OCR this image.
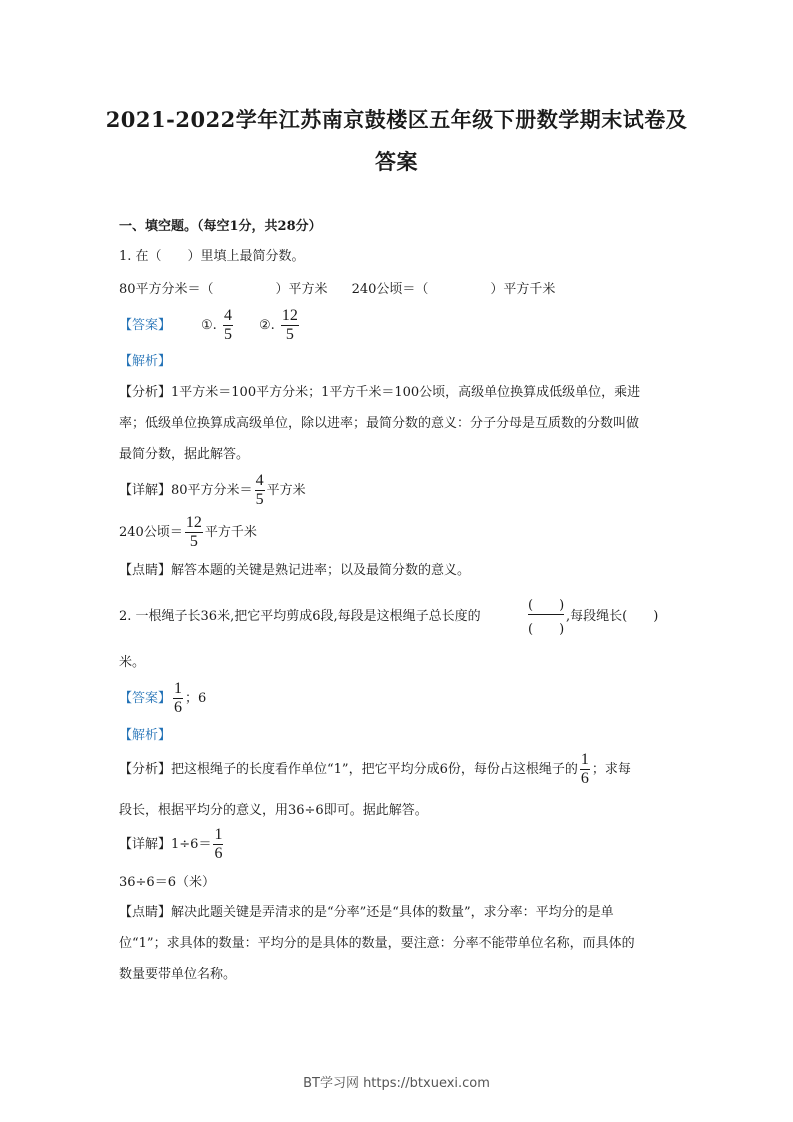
2021-2022学年江苏南京鼓楼区五年级下册数学期末试卷及
答案
一、填空题。（每空1分，共28分）
1. 在（　　）里填上最简分数。
80平方分米＝（	）平方米 240公顷＝（	）平方千米
【答案】 ①. $\frac{4}{5}$ ②. $\frac{12}{5}$
【解析】
【分析】1平方米＝100平方分米；1平方千米＝100公顷，高级单位换算成低级单位，乘进
率；低级单位换算成高级单位，除以进率；最简分数的意义：分子分母是互质数的分数叫做
最简分数，据此解答。
【详解】80平方分米＝ $\frac{4}{5}$ 平方米
240公顷＝ $\frac{12}{5}$ 平方千米
【点睛】解答本题的关键是熟记进率；以及最简分数的意义。
2. 一根绳子长36米,把它平均剪成6段,每段是这根绳子总长度的
(　　)
(　　)
,每段绳长(　　)
米。
【答案】 $\frac{1}{6}$ ；6
【解析】
【分析】把这根绳子的长度看作单位“1”，把它平均分成6份，每份占这根绳子的 $\frac{1}{6}$ ；求每
段长，根据平均分的意义，用36÷6即可。据此解答。
【详解】$1\div 6= \frac{1}{6}$
36÷6＝6（米）
【点睛】解决此题关键是弄清求的是“分率”还是“具体的数量”，求分率：平均分的是单
位“1”；求具体的数量：平均分的是具体的数量，要注意：分率不能带单位名称，而具体的
数量要带单位名称。
BT学习网 https://btxuexi.com
